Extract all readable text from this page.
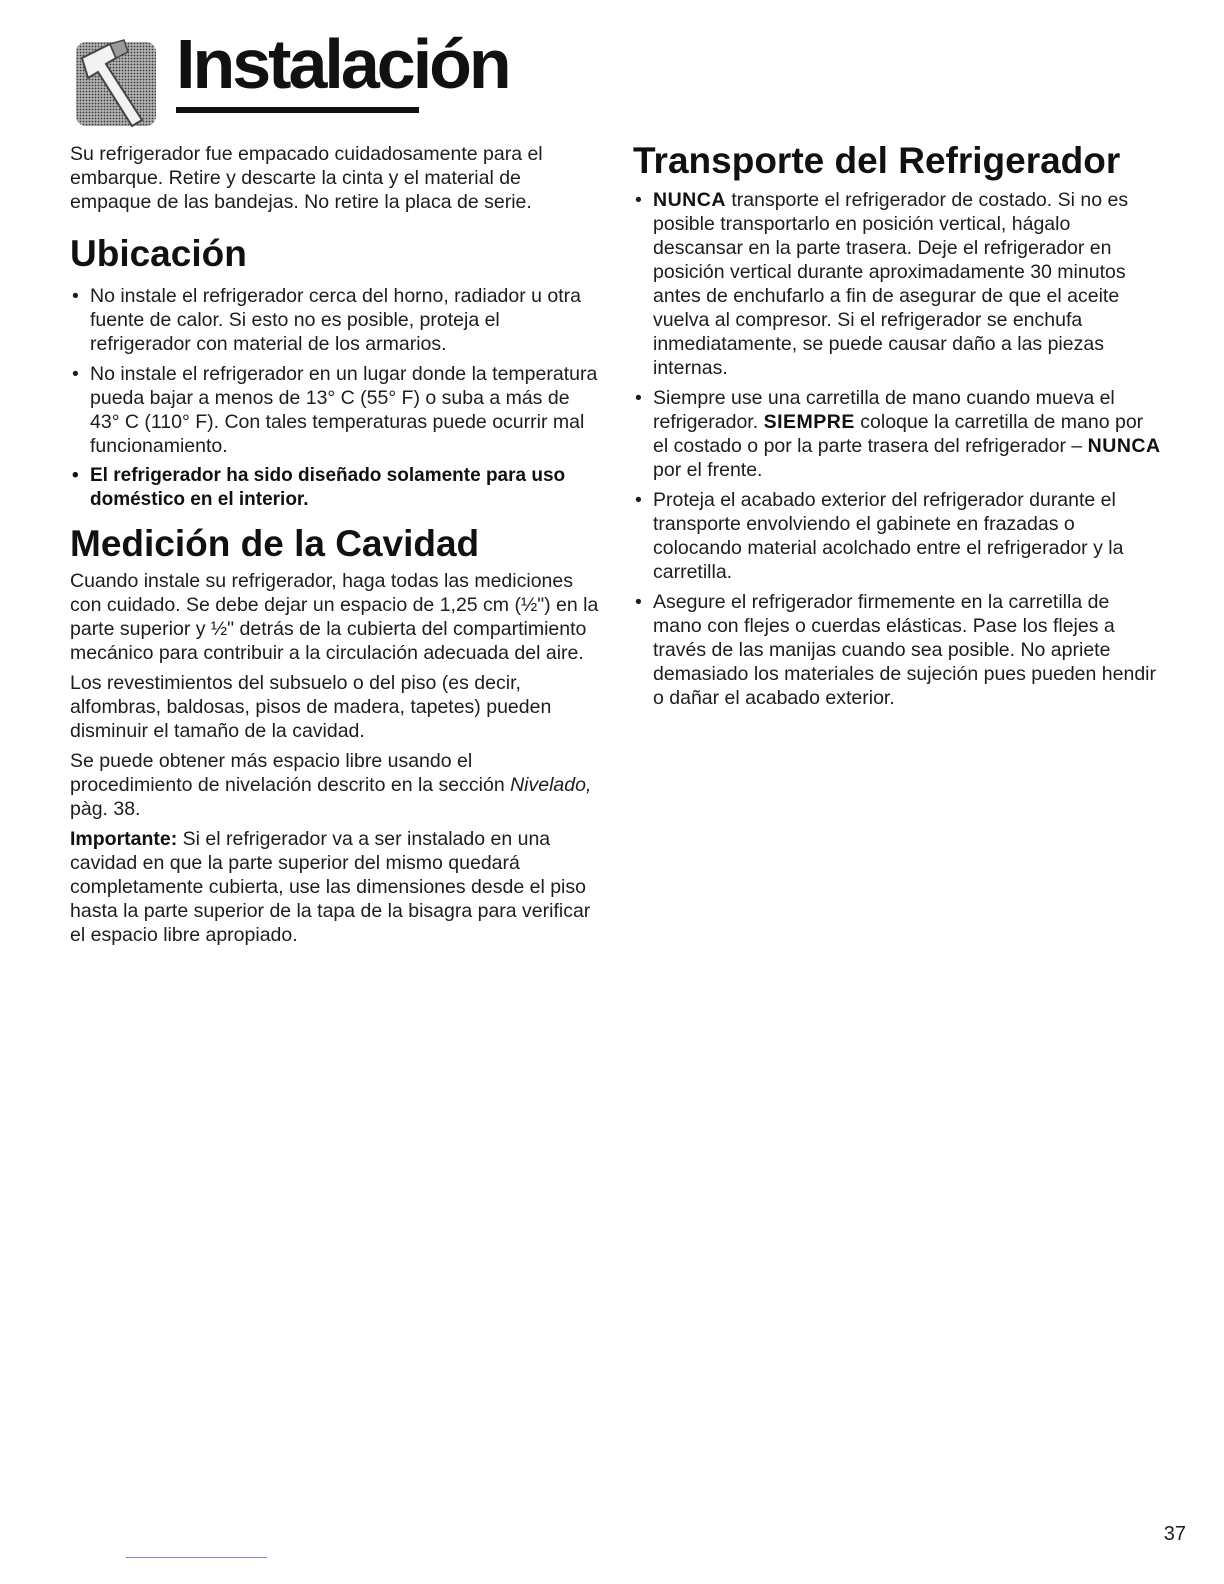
Instalación

Su refrigerador fue empacado cuidadosamente para el embarque. Retire y descarte la cinta y el material de empaque de las bandejas. No retire la placa de serie.

Ubicación
• No instale el refrigerador cerca del horno, radiador u otra fuente de calor. Si esto no es posible, proteja el refrigerador con material de los armarios.
• No instale el refrigerador en un lugar donde la temperatura pueda bajar a menos de 13° C (55° F) o suba a más de 43° C (110° F). Con tales temperaturas puede ocurrir mal funcionamiento.
• El refrigerador ha sido diseñado solamente para uso doméstico en el interior.
Medición de la Cavidad

Cuando instale su refrigerador, haga todas las mediciones con cuidado. Se debe dejar un espacio de 1,25 cm (½") en la parte superior y ½" detrás de la cubierta del compartimiento mecánico para contribuir a la circulación adecuada del aire.

Los revestimientos del subsuelo o del piso (es decir, alfombras, baldosas, pisos de madera, tapetes) pueden disminuir el tamaño de la cavidad.

Se puede obtener más espacio libre usando el procedimiento de nivelación descrito en la sección Nivelado, pàg. 38.

Importante: Si el refrigerador va a ser instalado en una cavidad en que la parte superior del mismo quedará completamente cubierta, use las dimensiones desde el piso hasta la parte superior de la tapa de la bisagra para verificar el espacio libre apropiado.

Transporte del Refrigerador
• NUNCA transporte el refrigerador de costado. Si no es posible transportarlo en posición vertical, hágalo descansar en la parte trasera. Deje el refrigerador en posición vertical durante aproximadamente 30 minutos antes de enchufarlo a fin de asegurar de que el aceite vuelva al compresor. Si el refrigerador se enchufa inmediatamente, se puede causar daño a las piezas internas.
• Siempre use una carretilla de mano cuando mueva el refrigerador. SIEMPRE coloque la carretilla de mano por el costado o por la parte trasera del refrigerador – NUNCA por el frente.
• Proteja el acabado exterior del refrigerador durante el transporte envolviendo el gabinete en frazadas o colocando material acolchado entre el refrigerador y la carretilla.
• Asegure el refrigerador firmemente en la carretilla de mano con flejes o cuerdas elásticas. Pase los flejes a través de las manijas cuando sea posible. No apriete demasiado los materiales de sujeción pues pueden hendir o dañar el acabado exterior.
37
